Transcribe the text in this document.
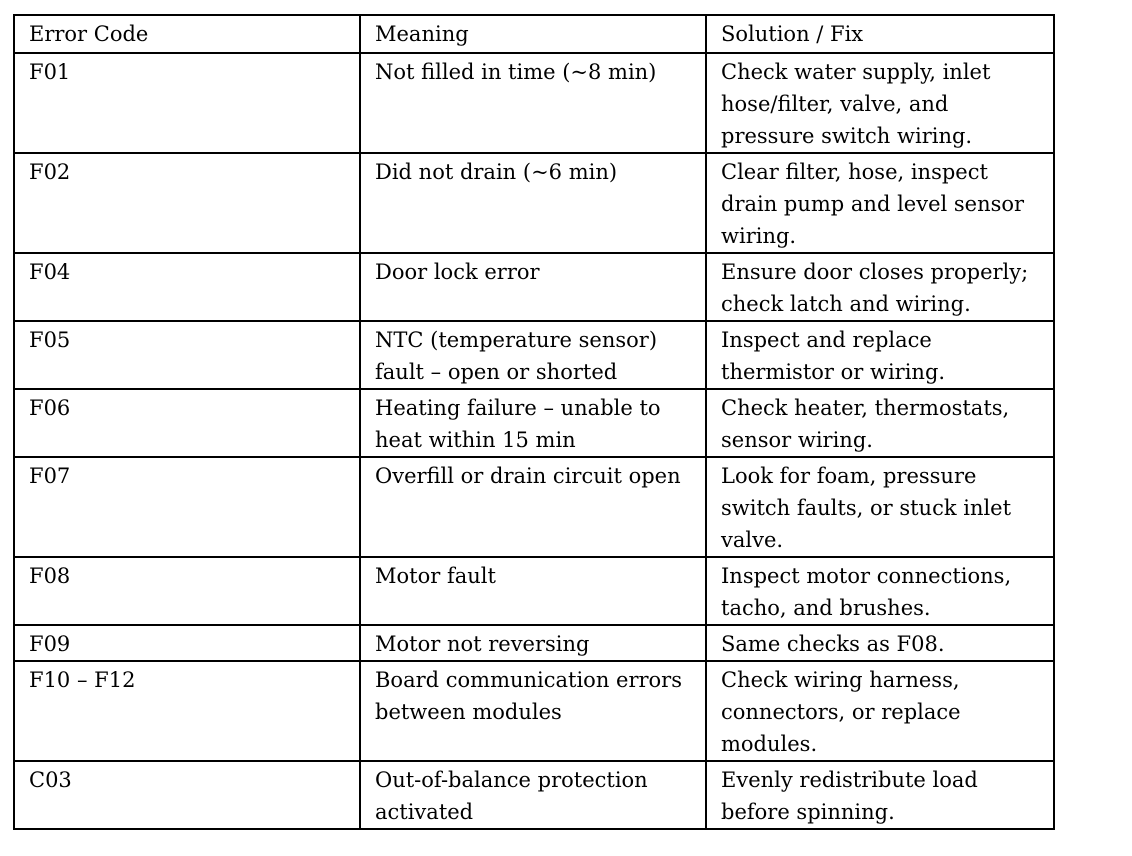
Error Code	Meaning	Solution / Fix
F01	Not filled in time (~8 min)	Check water supply, inlet hose/filter, valve, and pressure switch wiring.
F02	Did not drain (~6 min)	Clear filter, hose, inspect drain pump and level sensor wiring.
F04	Door lock error	Ensure door closes properly; check latch and wiring.
F05	NTC (temperature sensor) fault – open or shorted	Inspect and replace thermistor or wiring.
F06	Heating failure – unable to heat within 15 min	Check heater, thermostats, sensor wiring.
F07	Overfill or drain circuit open	Look for foam, pressure switch faults, or stuck inlet valve.
F08	Motor fault	Inspect motor connections, tacho, and brushes.
F09	Motor not reversing	Same checks as F08.
F10 – F12	Board communication errors between modules	Check wiring harness, connectors, or replace modules.
C03	Out-of-balance protection activated	Evenly redistribute load before spinning.
